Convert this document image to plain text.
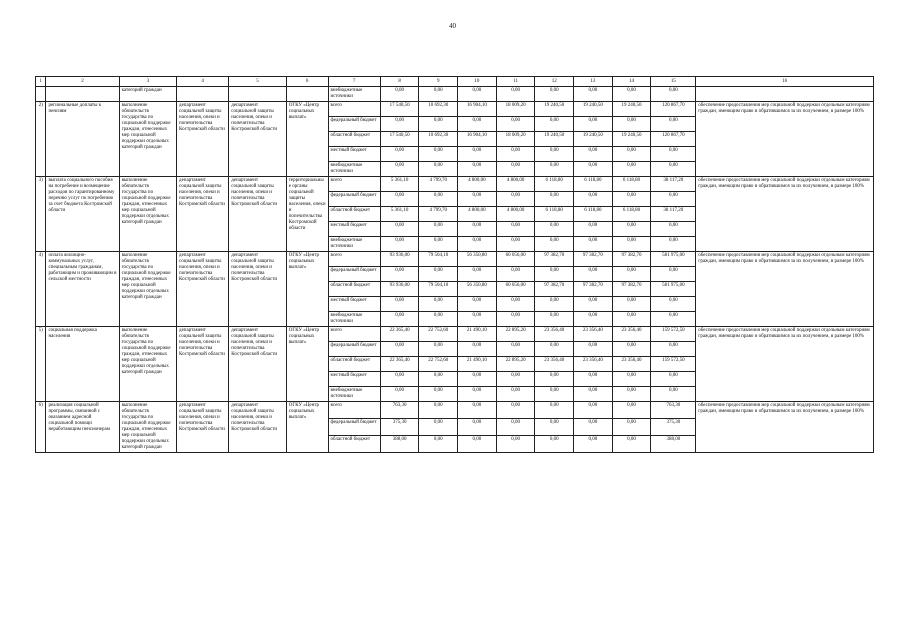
40
1	2	3	4	5	6	7	8	9	10	11	12	13	14	15	16
		категорий граждан				внебюджетные источники	0,00	0,00	0,00	0,00	0,00	0,00	0,00	0,00	
2)	региональные доплаты к пенсиям	выполнение обязательств государства по социальной поддержке граждан, отнесенных мер социальной поддержки отдельных категорий граждан	департамент социальной защиты населения, опеки и попечительства Костромской области	департамент социальной защиты населения, опеки и попечительства Костромской области	ОГКУ «Центр социальных выплат»	всего	17 540,50	10 692,30	16 904,10	18 009,20	19 240,50	19 240,50	19 240,50	120 867,70	обеспечение предоставления мер социальной поддержки отдельным категориям граждан, имеющим право и обратившимся за их получением, в размере 100%
						федеральный бюджет	0,00	0,00	0,00	0,00	0,00	0,00	0,00	0,00	
						областной бюджет	17 540,50	10 692,30	16 904,10	18 009,20	19 240,50	19 240,50	19 240,50	120 867,70	
						местный бюджет	0,00	0,00	0,00	0,00	0,00	0,00	0,00	0,00	
						внебюджетные источники	0,00	0,00	0,00	0,00	0,00	0,00	0,00	0,00	
3)	выплата социального пособия на погребение и возмещение расходов по гарантированному перечню услуг по погребению за счет бюджета Костромской области	выполнение обязательств государства по социальной поддержке граждан, отнесенных мер социальной поддержки отдельных категорий граждан	департамент социальной защиты населения, опеки и попечительства Костромской области	департамент социальной защиты населения, опеки и попечительства Костромской области	территориальные органы социальной защиты населения, опеки и попечительства Костромской области	всего	5 361,10	4 799,70	4 800,00	4 800,00	6 118,80	6 118,80	6 118,80	38 117,20	обеспечение предоставления мер социальной поддержки отдельным категориям граждан, имеющим право и обратившимся за их получением, в размере 100%
						федеральный бюджет	0,00	0,00	0,00	0,00	0,00	0,00	0,00	0,00	
						областной бюджет	5 361,10	4 799,70	4 800,00	4 800,00	6 118,80	6 118,80	6 118,80	38 117,20	
						местный бюджет	0,00	0,00	0,00	0,00	0,00	0,00	0,00	0,00	
						внебюджетные источники	0,00	0,00	0,00	0,00	0,00	0,00	0,00	0,00	
4)	оплата жилищно-коммунальных услуг, специальным гражданам, работающим и проживающим в сельской местности	выполнение обязательств государства по социальной поддержке граждан, отнесенных мер социальной поддержки отдельных категорий граждан	департамент социальной защиты населения, опеки и попечительства Костромской области	департамент социальной защиты населения, опеки и попечительства Костромской области	ОГКУ «Центр социальных выплат»	всего	93 936,00	79 504,10	56 350,80	60 056,00	97 382,70	97 382,70	97 382,70	581 975,00	обеспечение предоставления мер социальной поддержки отдельным категориям граждан, имеющим право и обратившимся за их получением, в размере 100%
						федеральный бюджет	0,00	0,00	0,00	0,00	0,00	0,00	0,00	0,00	
						областной бюджет	93 936,00	79 504,10	56 350,80	60 056,00	97 382,70	97 382,70	97 382,70	581 975,00	
						местный бюджет	0,00	0,00	0,00	0,00	0,00	0,00	0,00	0,00	
						внебюджетные источники	0,00	0,00	0,00	0,00	0,00	0,00	0,00	0,00	
5)	социальная поддержка населения	выполнение обязательств государства по социальной поддержке граждан, отнесенных мер социальной поддержки отдельных категорий граждан	департамент социальной защиты населения, опеки и попечительства Костромской области	департамент социальной защиты населения, опеки и попечительства Костромской области	ОГКУ «Центр социальных выплат»	всего	22 365,40	22 752,60	21 490,10	22 895,20	23 356,40	23 356,40	23 356,40	159 572,50	обеспечение предоставления мер социальной поддержки отдельным категориям граждан, имеющим право и обратившимся за их получением, в размере 100%
						федеральный бюджет	0,00	0,00	0,00	0,00	0,00	0,00	0,00	0,00	
						областной бюджет	22 365,40	22 752,60	21 490,10	22 895,20	23 356,40	23 356,40	23 356,40	159 572,50	
						местный бюджет	0,00	0,00	0,00	0,00	0,00	0,00	0,00	0,00	
						внебюджетные источники	0,00	0,00	0,00	0,00	0,00	0,00	0,00	0,00	
6)	реализация социальной программы, связанной с оказанием адресной социальной помощи неработающим пенсионерам	выполнение обязательств государства по социальной поддержке граждан, отнесенных мер социальной поддержки отдельных категорий граждан	департамент социальной защиты населения, опеки и попечительства Костромской области	департамент социальной защиты населения, опеки и попечительства Костромской области	ОГКУ «Центр социальных выплат»	всего	763,30	0,00	0,00	0,00	0,00	0,00	0,00	763,30	обеспечение предоставления мер социальной поддержки отдельным категориям граждан, имеющим право и обратившимся за их получением, в размере 100%
						федеральный бюджет	375,30	0,00	0,00	0,00	0,00	0,00	0,00	375,30	
						областной бюджет	388,00	0,00	0,00	0,00	0,00	0,00	0,00	388,00	
